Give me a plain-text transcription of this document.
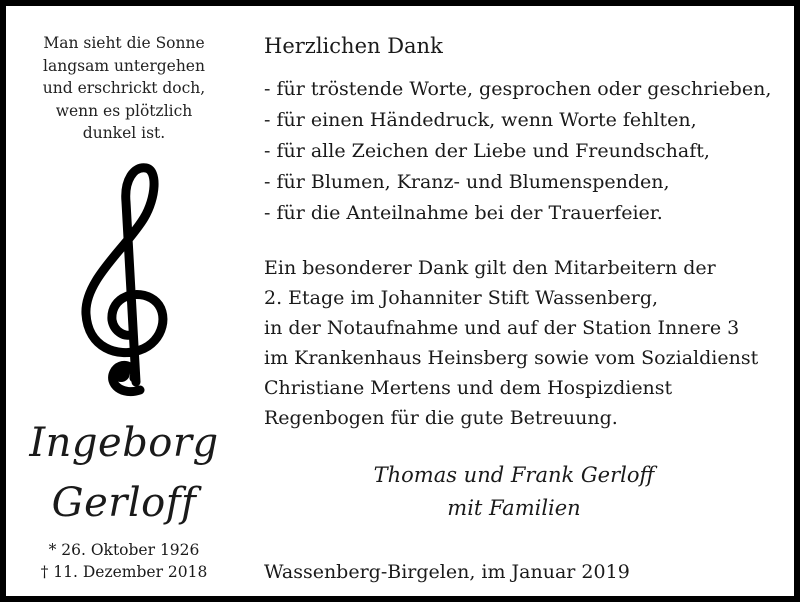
Man sieht die Sonne
langsam untergehen
und erschrickt doch,
wenn es plötzlich
dunkel ist.
Ingeborg
Gerloff
* 26. Oktober 1926
† 11. Dezember 2018
Herzlichen Dank
- für tröstende Worte, gesprochen oder geschrieben,
- für einen Händedruck, wenn Worte fehlten,
- für alle Zeichen der Liebe und Freundschaft,
- für Blumen, Kranz- und Blumenspenden,
- für die Anteilnahme bei der Trauerfeier.

Ein besonderer Dank gilt den Mitarbeitern der
2. Etage im Johanniter Stift Wassenberg,
in der Notaufnahme und auf der Station Innere 3
im Krankenhaus Heinsberg sowie vom Sozialdienst
Christiane Mertens und dem Hospizdienst
Regenbogen für die gute Betreuung.

Thomas und Frank Gerloff
mit Familien
Wassenberg-Birgelen, im Januar 2019
